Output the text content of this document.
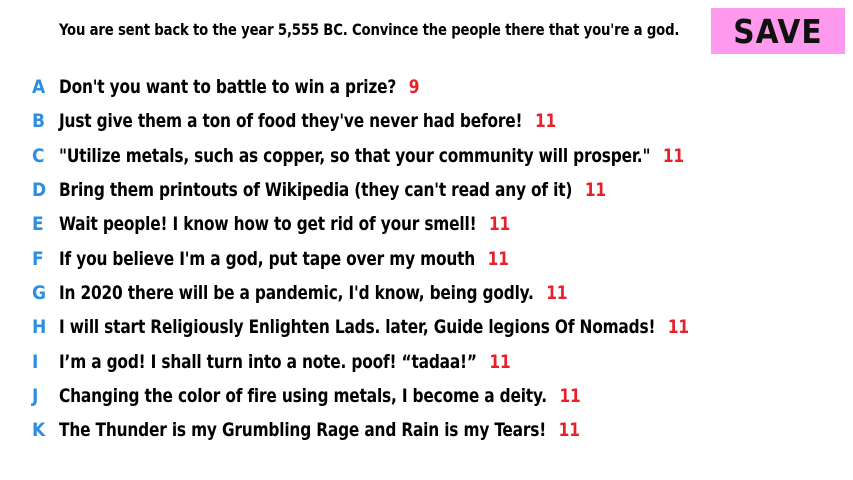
You are sent back to the year 5,555 BC. Convince the people there that you're a god.	SAVE
A Don't you want to battle to win a prize? 9
B Just give them a ton of food they've never had before! 11
C "Utilize metals, such as copper, so that your community will prosper." 11
D Bring them printouts of Wikipedia (they can't read any of it) 11
E Wait people! I know how to get rid of your smell! 11
F If you believe I'm a god, put tape over my mouth 11
G In 2020 there will be a pandemic, I'd know, being godly. 11
H I will start Religiously Enlighten Lads. later, Guide legions Of Nomads! 11
I	I’m a god! I shall turn into a note. poof! “tadaa!” 11
J	Changing the color of fire using metals, I become a deity. 11
K The Thunder is my Grumbling Rage and Rain is my Tears! 11
